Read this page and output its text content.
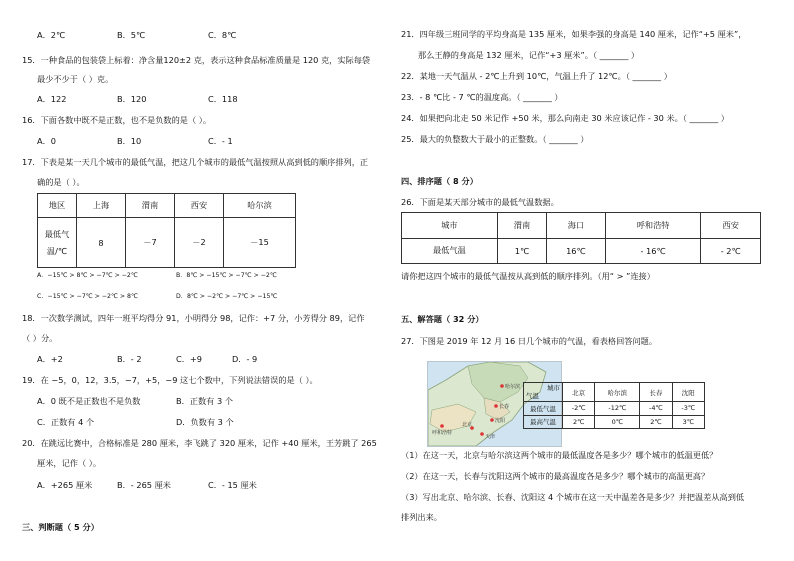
A．2℃	B．5℃	C．8℃
15．一种食品的包装袋上标着：净含量120±2 克，表示这种食品标准质量是 120 克，实际每袋
最少不少于（ ）克。
A．122	B．120	C．118
16．下面各数中既不是正数，也不是负数的是（ ）。
A．0	B．10	C．- 1
17．下表是某一天几个城市的最低气温，把这几个城市的最低气温按照从高到低的顺序排列，正
确的是（ ）。
地区	上海	渭南	西安	哈尔滨

最低气
温/℃	8	－7	－2	－15
A．−15℃ > 8℃ > −7℃ > −2℃	B．8℃ > −15℃ > −7℃ > −2℃
C．−15℃ > −7℃ > −2℃ > 8℃	D．8℃ > −2℃ > −7℃ > −15℃
18．一次数学测试，四年一班平均得分 91，小明得分 98，记作：+7 分，小芳得分 89，记作
（ ）分。
A．+2	B．- 2	C．+9	D．- 9
19．在 −5，0，12，3.5，−7，+5，−9 这七个数中，下列说法错误的是（ ）。
A．0 既不是正数也不是负数	B．正数有 3 个
C．正数有 4 个	D．负数有 3 个
20．在跳远比赛中，合格标准是 280 厘米，李飞跳了 320 厘米，记作 +40 厘米，王芳跳了 265
厘米，记作（ ）。
A．+265 厘米	B．- 265 厘米	C．- 15 厘米
三、判断题（ 5 分）
21．四年级三班同学的平均身高是 135 厘米，如果李强的身高是 140 厘米，记作“+5 厘米”，
那么王静的身高是 132 厘米，记作“+3 厘米”。（ _______ ）
22．某地一天气温从 - 2℃上升到 10℃，气温上升了 12℃。（ _______ ）
23．- 8 ℃比 - 7 ℃的温度高。（ _______ ）
24．如果把向北走 50 米记作 +50 米，那么向南走 30 米应该记作 - 30 米。（ _______ ）
25．最大的负整数大于最小的正整数。（ _______ ）
四、排序题（ 8 分）
26．下面是某天部分城市的最低气温数据。
城市	渭南	海口	呼和浩特	西安
最低气温	1℃	16℃	- 16℃	- 2℃
请你把这四个城市的最低气温按从高到低的顺序排列。（用“ > ”连接）
五、解答题（ 32 分）
27．下图是 2019 年 12 月 16 日几个城市的气温，看表格回答问题。
哈尔滨
长春
沈阳
呼和浩特
北京
天津
城市
气温	北京	哈尔滨	长春	沈阳
最低气温	-2℃	-12℃	-4℃	-3℃
最高气温	2℃	0℃	2℃	3℃
（1）在这一天，北京与哈尔滨这两个城市的最低温度各是多少？哪个城市的低温更低？
（2）在这一天，长春与沈阳这两个城市的最高温度各是多少？哪个城市的高温更高？
（3）写出北京、哈尔滨、长春、沈阳这 4 个城市在这一天中温差各是多少？并把温差从高到低
排列出来。
